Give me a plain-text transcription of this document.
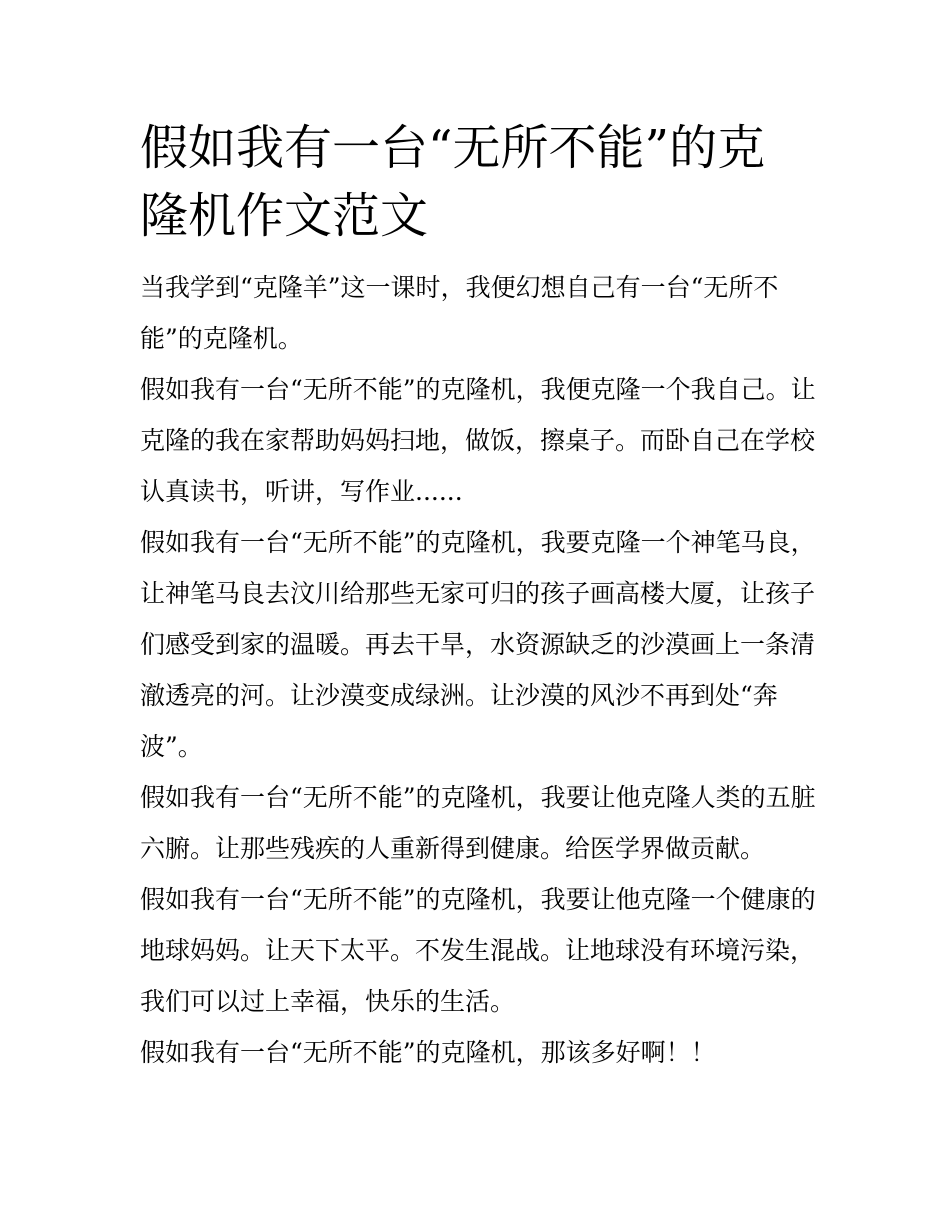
假如我有一台“无所不能”的克
隆机作文范文

当我学到“克隆羊”这一课时，我便幻想自己有一台“无所不
能”的克隆机。

假如我有一台“无所不能”的克隆机，我便克隆一个我自己。让
克隆的我在家帮助妈妈扫地，做饭，擦桌子。而卧自己在学校
认真读书，听讲，写作业......

假如我有一台“无所不能”的克隆机，我要克隆一个神笔马良，
让神笔马良去汶川给那些无家可归的孩子画高楼大厦，让孩子
们感受到家的温暖。再去干旱，水资源缺乏的沙漠画上一条清
澈透亮的河。让沙漠变成绿洲。让沙漠的风沙不再到处“奔
波”。

假如我有一台“无所不能”的克隆机，我要让他克隆人类的五脏
六腑。让那些残疾的人重新得到健康。给医学界做贡献。

假如我有一台“无所不能”的克隆机，我要让他克隆一个健康的
地球妈妈。让天下太平。不发生混战。让地球没有环境污染，
我们可以过上幸福，快乐的生活。

假如我有一台“无所不能”的克隆机，那该多好啊！！
